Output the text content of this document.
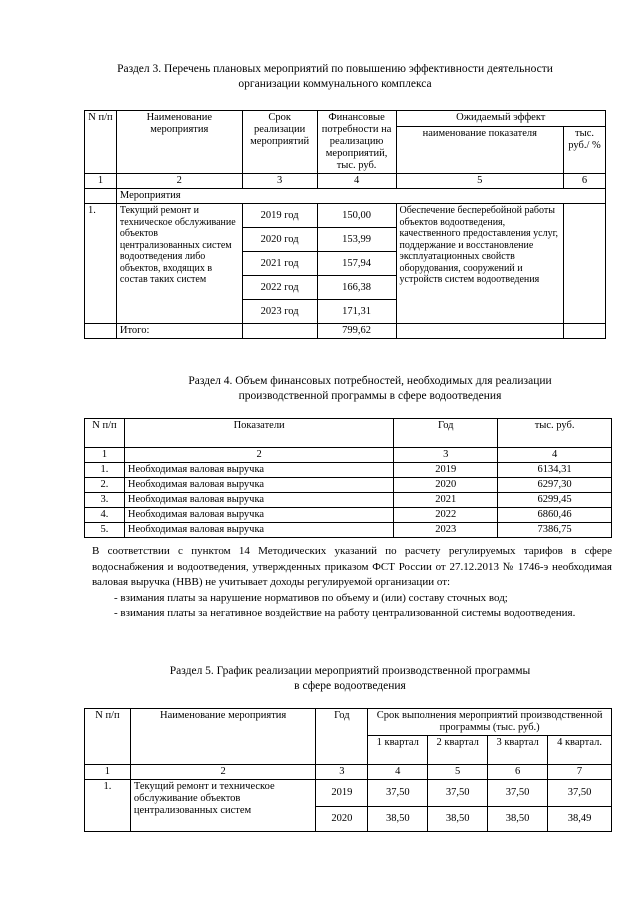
Раздел 3. Перечень плановых мероприятий по повышению эффективности деятельности
организации коммунального комплекса
N п/п	Наименование мероприятия	Срок реализации мероприятий	Финансовые потребности на реализацию мероприятий, тыс. руб.	Ожидаемый эффект	
				наименование показателя	тыс. руб./ %
1	2	3	4	5	6
	Мероприятия				
1.	Текущий ремонт и техническое обслуживание объектов централизованных систем водоотведения либо объектов, входящих в состав таких систем	2019 год	150,00	Обеспечение бесперебойной работы объектов водоотведения, качественного предоставления услуг, поддержание и восстановление эксплуатационных свойств оборудования, сооружений и устройств систем водоотведения	
		2020 год	153,99		
		2021 год	157,94		
		2022 год	166,38		
		2023 год	171,31		
	Итого:		799,62		
Раздел 4. Объем финансовых потребностей, необходимых для реализации
производственной программы в сфере водоотведения
N п/п	Показатели	Год	тыс. руб.
1	2	3	4
1.	Необходимая валовая выручка	2019	6134,31
2.	Необходимая валовая выручка	2020	6297,30
3.	Необходимая валовая выручка	2021	6299,45
4.	Необходимая валовая выручка	2022	6860,46
5.	Необходимая валовая выручка	2023	7386,75
В соответствии с пунктом 14 Методических указаний по расчету регулируемых тарифов в сфере водоснабжения и водоотведения, утвержденных приказом ФСТ России от 27.12.2013 № 1746-э необходимая валовая выручка (НВВ) не учитывает доходы регулируемой организации от:
- взимания платы за нарушение нормативов по объему и (или) составу сточных вод;
- взимания платы за негативное воздействие на работу централизованной системы водоотведения.
Раздел 5. График реализации мероприятий производственной программы
в сфере водоотведения
N п/п	Наименование мероприятия	Год	Срок выполнения мероприятий производственной программы (тыс. руб.)			
			1 квартал	2 квартал	3 квартал	4 квартал.
1	2	3	4	5	6	7
1.	Текущий ремонт и техническое обслуживание объектов централизованных систем	2019	37,50	37,50	37,50	37,50
		2020	38,50	38,50	38,50	38,49
